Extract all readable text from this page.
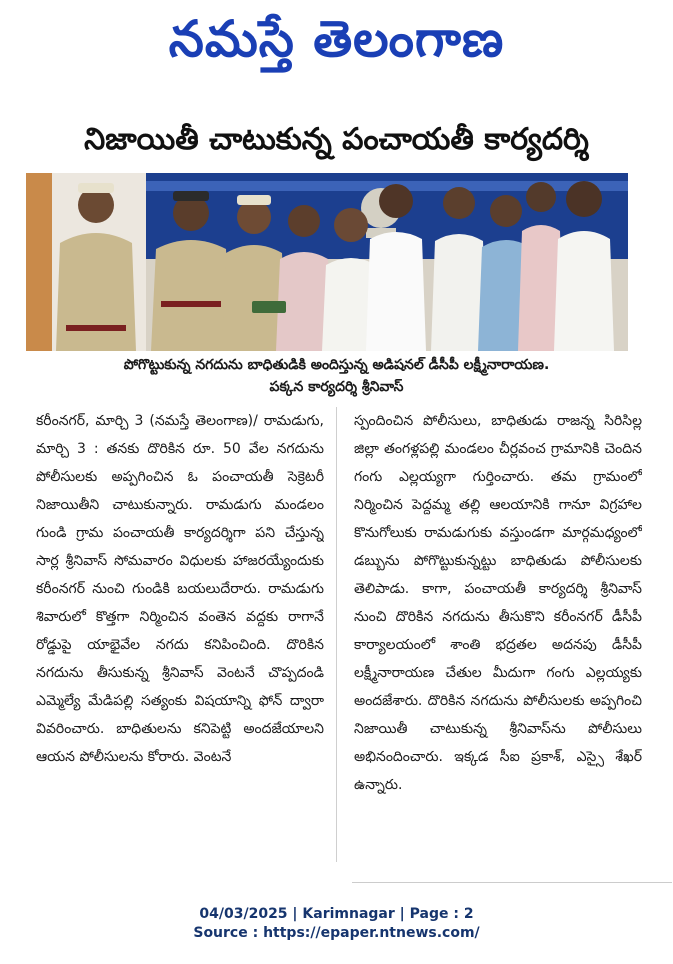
నమస్తే తెలంగాణ
నిజాయితీ చాటుకున్న పంచాయతీ కార్యదర్శి
పోగొట్టుకున్న నగదును బాధితుడికి అందిస్తున్న అడిషనల్ డీసీపీ లక్ష్మీనారాయణ.
పక్కన కార్యదర్శి శ్రీనివాస్

కరీంనగర్, మార్చి 3 (నమస్తే తెలంగాణ)/ రామడుగు, మార్చి 3 : తనకు దొరికిన రూ. 50 వేల నగదును పోలీసులకు అప్పగించిన ఓ పంచాయతీ సెక్రెటరీ నిజాయితీని చాటుకున్నారు. రామడుగు మండలం గుండి గ్రామ పంచాయతీ కార్యదర్శిగా పని చేస్తున్న సార్ల శ్రీనివాస్ సోమవారం విధులకు హాజరయ్యేందుకు కరీంనగర్ నుంచి గుండికి బయలుదేరారు. రామడుగు శివారులో కొత్తగా నిర్మించిన వంతెన వద్దకు రాగానే రోడ్డుపై యాభైవేల నగదు కనిపించింది. దొరికిన నగదును తీసుకున్న శ్రీనివాస్ వెంటనే చొప్పదండి ఎమ్మెల్యే మేడిపల్లి సత్యంకు విషయాన్ని ఫోన్ ద్వారా వివరించారు. బాధితులను కనిపెట్టి అందజేయాలని ఆయన పోలీసులను కోరారు. వెంటనే

స్పందించిన పోలీసులు, బాధితుడు రాజన్న సిరిసిల్ల జిల్లా తంగళ్లపల్లి మండలం చీర్లవంచ గ్రామానికి చెందిన గంగు ఎల్లయ్యగా గుర్తించారు. తమ గ్రామంలో నిర్మించిన పెద్దమ్మ తల్లి ఆలయానికి గానూ విగ్రహాల కొనుగోలుకు రామడుగుకు వస్తుండగా మార్గమధ్యంలో డబ్బును పోగొట్టుకున్నట్టు బాధితుడు పోలీసులకు తెలిపాడు. కాగా, పంచాయతీ కార్యదర్శి శ్రీనివాస్ నుంచి దొరికిన నగదును తీసుకొని కరీంనగర్ డీసీపీ కార్యాలయంలో శాంతి భద్రతల అదనపు డీసీపీ లక్ష్మీనారాయణ చేతుల మీదుగా గంగు ఎల్లయ్యకు అందజేశారు. దొరికిన నగదును పోలీసులకు అప్పగించి నిజాయితీ చాటుకున్న శ్రీనివాస్‌ను పోలీసులు అభినందించారు. ఇక్కడ సీఐ ప్రకాశ్, ఎస్సై శేఖర్ ఉన్నారు.

04/03/2025 | Karimnagar | Page : 2
Source : https://epaper.ntnews.com/
